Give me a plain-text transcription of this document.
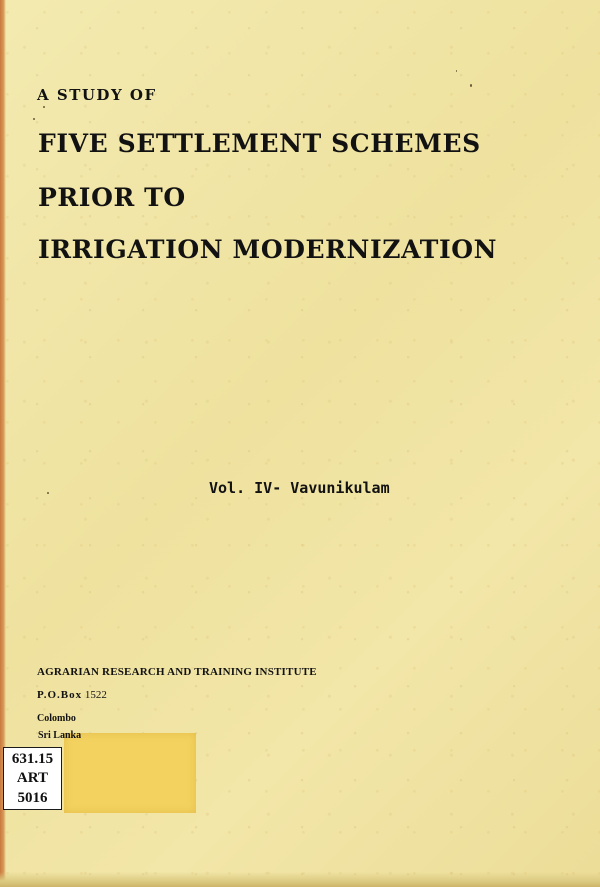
A STUDY OF

FIVE SETTLEMENT SCHEMES

PRIOR TO

IRRIGATION MODERNIZATION

Vol. IV- Vavunikulam

AGRARIAN RESEARCH AND TRAINING INSTITUTE

P.O.Box 1522

Colombo

Sri Lanka

631.15
ART
5016
